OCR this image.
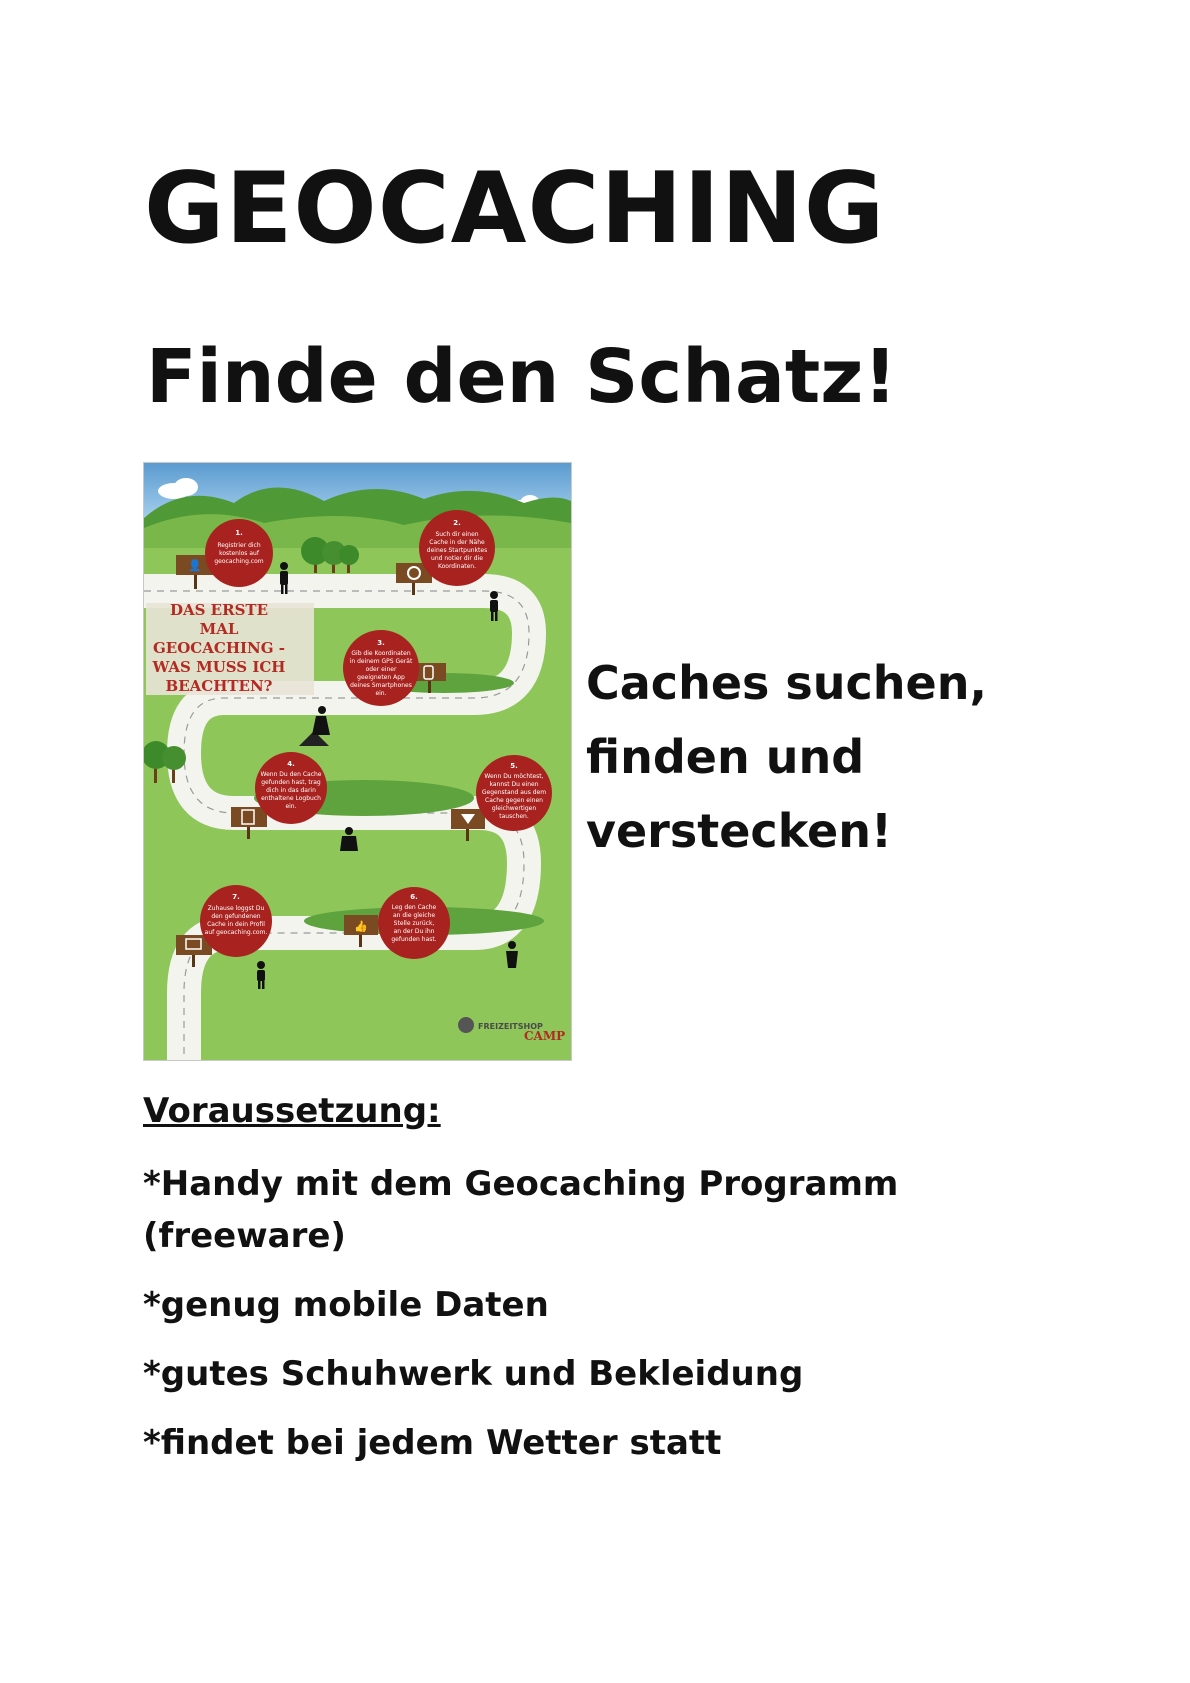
GEOCACHING
Finde den Schatz!
DAS ERSTE
MAL
GEOCACHING -
WAS MUSS ICH
BEACHTEN?
👤
1.
Registrier dich
kostenlos auf
geocaching.com
2.
Such dir einen
Cache in der Nähe
deines Startpunktes
und notier dir die
Koordinaten.
3.
Gib die Koordinaten
in deinem GPS Gerät
oder einer
geeigneten App
deines Smartphones
ein.
4.
Wenn Du den Cache
gefunden hast, trag
dich in das darin
enthaltene Logbuch
ein.
5.
Wenn Du möchtest,
kannst Du einen
Gegenstand aus dem
Cache gegen einen
gleichwertigen
tauschen.
👍
6.
Leg den Cache
an die gleiche
Stelle zurück,
an der Du ihn
gefunden hast.
7.
Zuhause loggst Du
den gefundenen
Cache in dein Profil
auf geocaching.com.
FREIZEITSHOP
CAMP
Caches suchen,
finden und
verstecken!
Voraussetzung:
*Handy mit dem Geocaching Programm (freeware)
*genug mobile Daten
*gutes Schuhwerk und Bekleidung
*findet bei jedem Wetter statt
